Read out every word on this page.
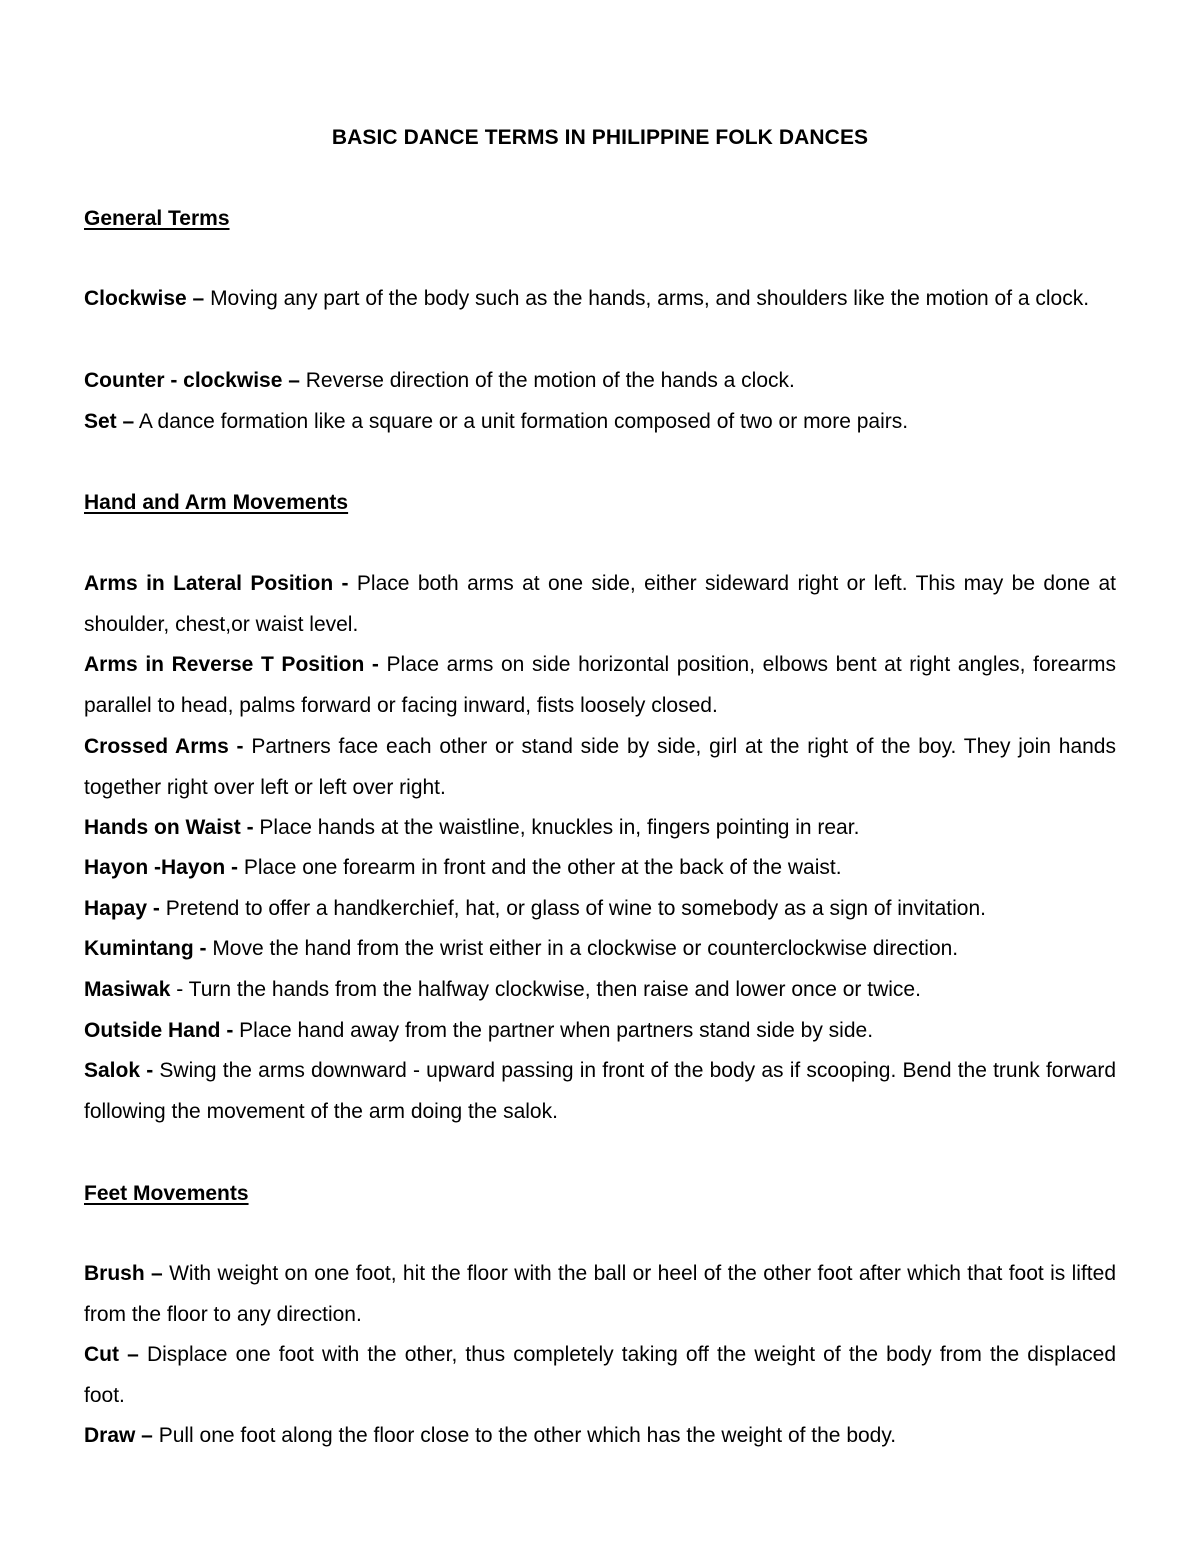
BASIC DANCE TERMS IN PHILIPPINE FOLK DANCES
General Terms
Clockwise – Moving any part of the body such as the hands, arms, and shoulders like the motion of a clock.
Counter - clockwise – Reverse direction of the motion of the hands a clock.
Set – A dance formation like a square or a unit formation composed of two or more pairs.
Hand and Arm Movements
Arms in Lateral Position - Place both arms at one side, either sideward right or left. This may be done at shoulder, chest,or waist level.
Arms in Reverse T Position - Place arms on side horizontal position, elbows bent at right angles, forearms parallel to head, palms forward or facing inward, fists loosely closed.
Crossed Arms - Partners face each other or stand side by side, girl at the right of the boy. They join hands together right over left or left over right.
Hands on Waist - Place hands at the waistline, knuckles in, fingers pointing in rear.
Hayon -Hayon - Place one forearm in front and the other at the back of the waist.
Hapay - Pretend to offer a handkerchief, hat, or glass of wine to somebody as a sign of invitation.
Kumintang - Move the hand from the wrist either in a clockwise or counterclockwise direction.
Masiwak - Turn the hands from the halfway clockwise, then raise and lower once or twice.
Outside Hand - Place hand away from the partner when partners stand side by side.
Salok - Swing the arms downward - upward passing in front of the body as if scooping. Bend the trunk forward following the movement of the arm doing the salok.
Feet Movements
Brush – With weight on one foot, hit the floor with the ball or heel of the other foot after which that foot is lifted from the floor to any direction.
Cut – Displace one foot with the other, thus completely taking off the weight of the body from the displaced foot.
Draw – Pull one foot along the floor close to the other which has the weight of the body.
